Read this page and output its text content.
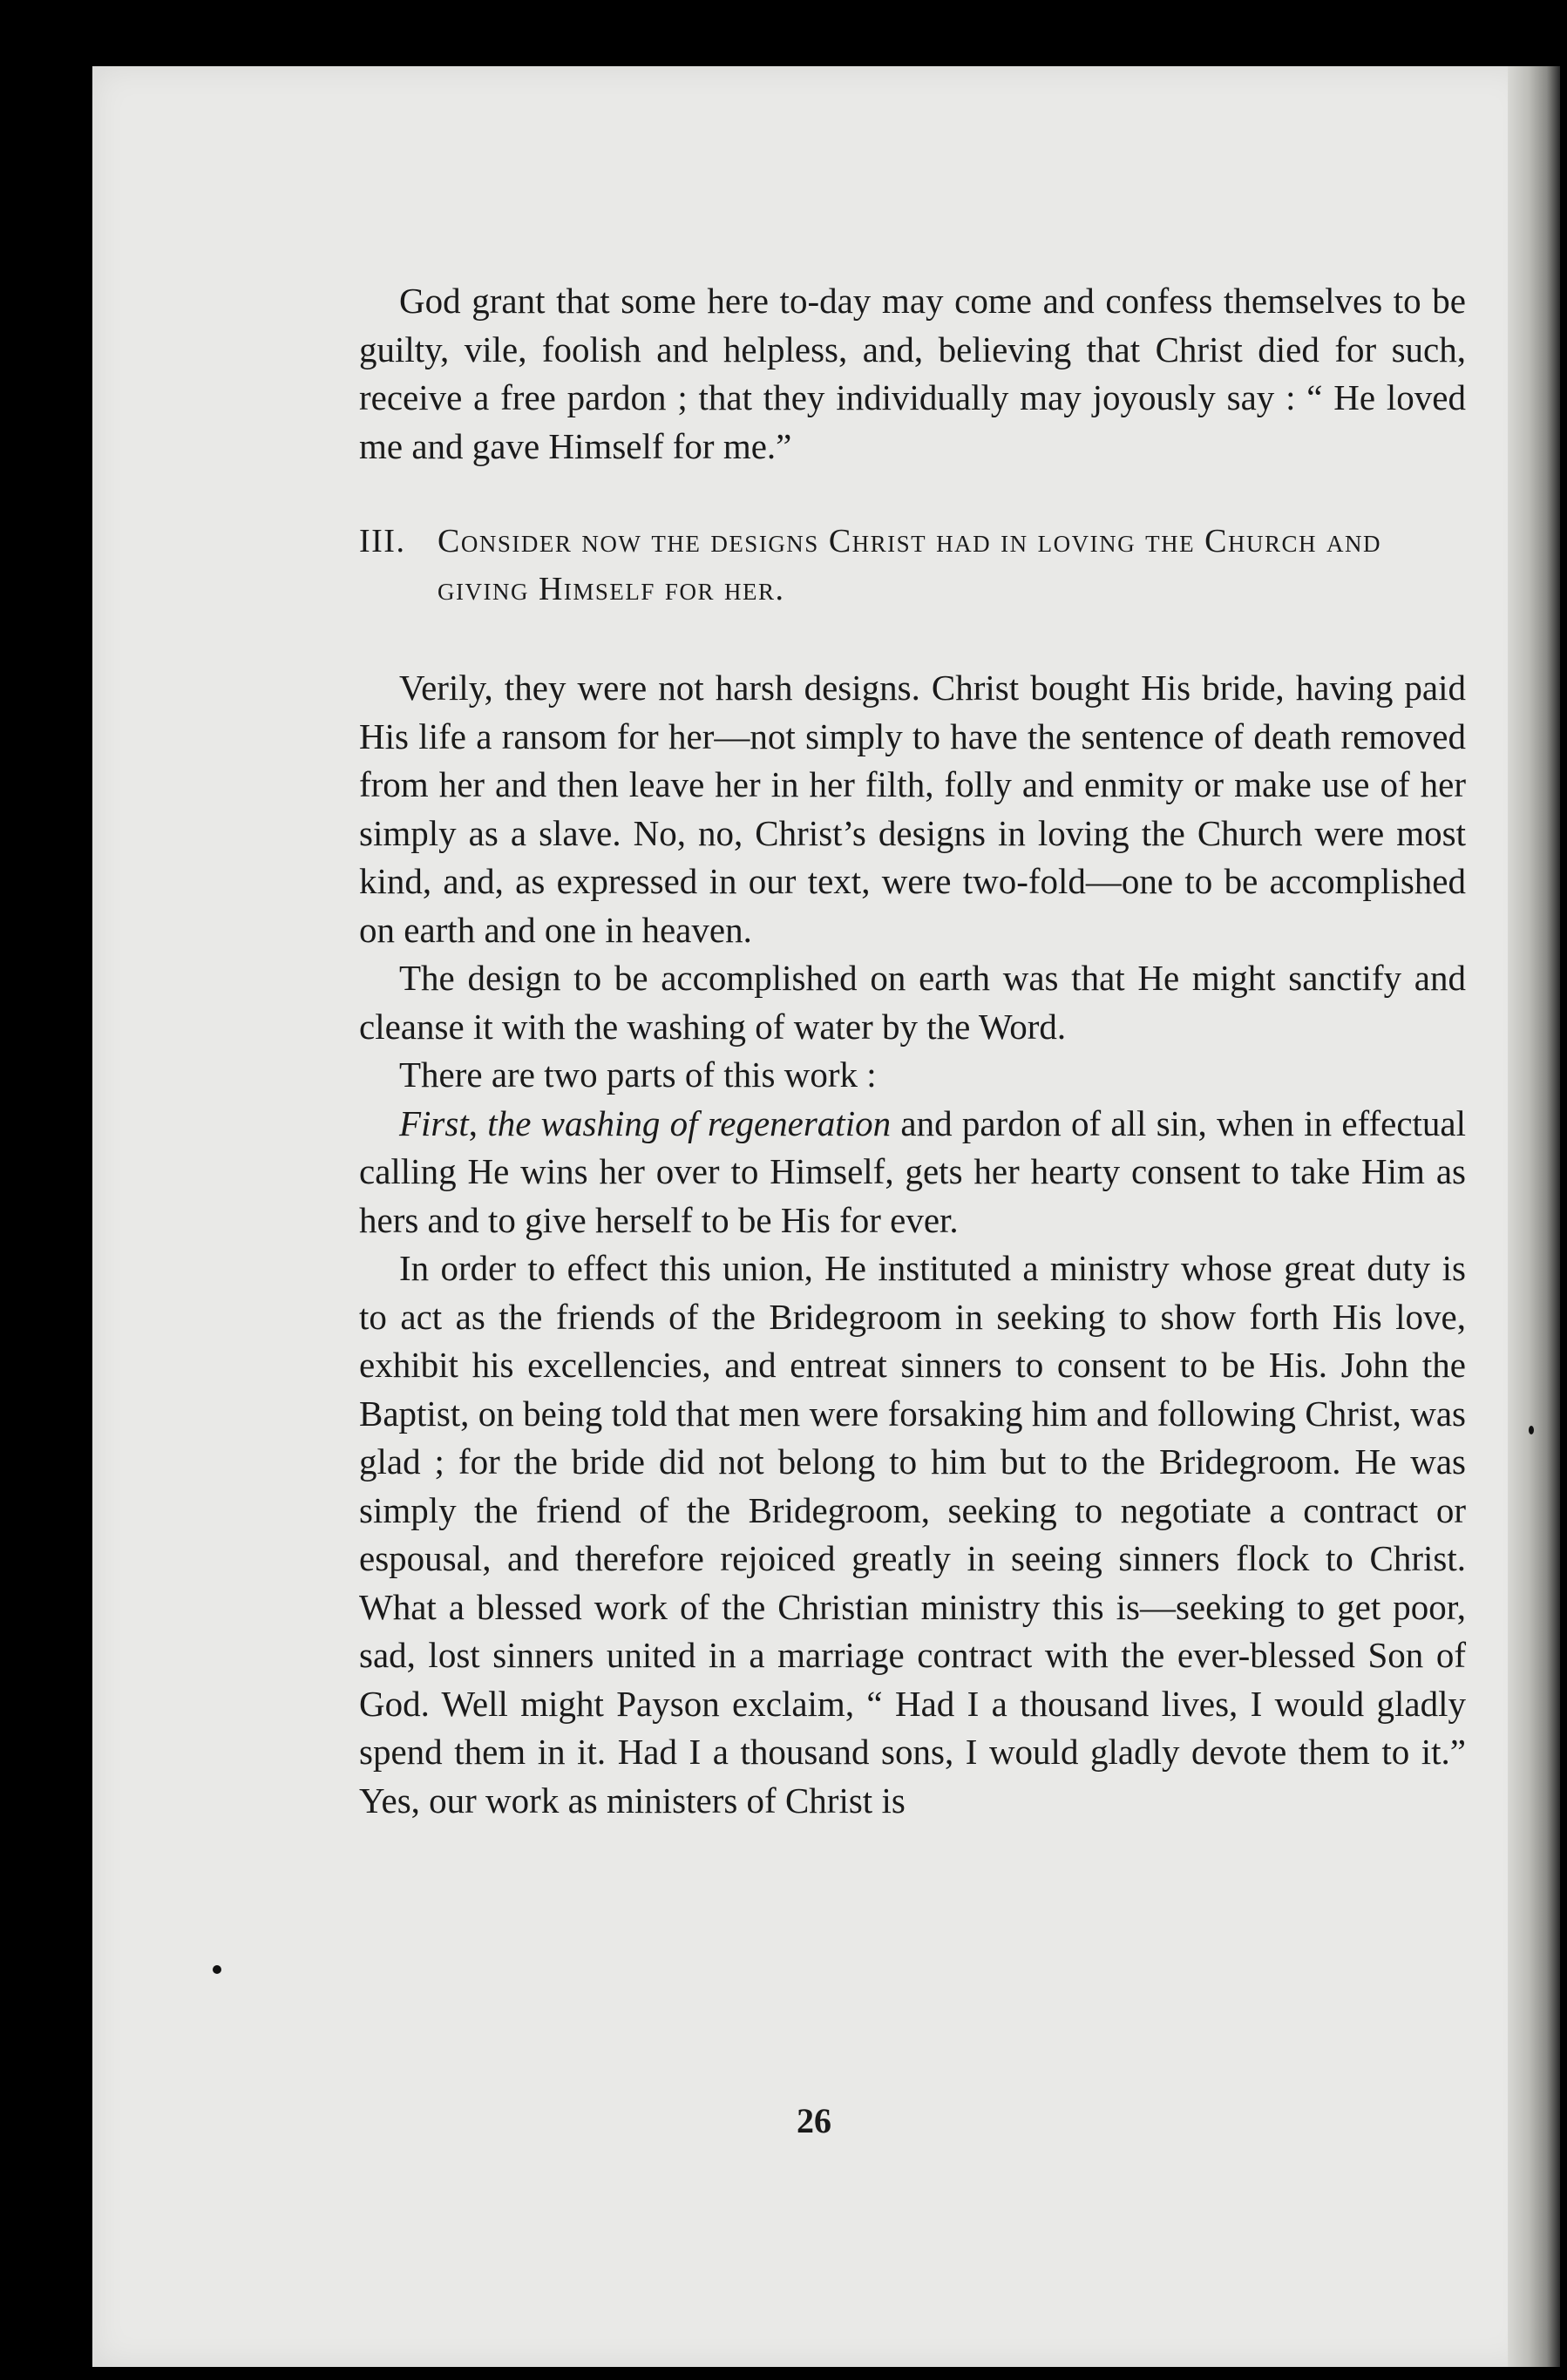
God grant that some here to-day may come and confess themselves to be guilty, vile, foolish and helpless, and, believing that Christ died for such, receive a free pardon ; that they individually may joyously say : “ He loved me and gave Himself for me.”

III. Consider now the designs Christ had in loving the Church and giving Himself for her.

Verily, they were not harsh designs. Christ bought His bride, having paid His life a ransom for her—not simply to have the sentence of death removed from her and then leave her in her filth, folly and enmity or make use of her simply as a slave. No, no, Christ’s designs in loving the Church were most kind, and, as expressed in our text, were two-fold—one to be accomplished on earth and one in heaven.

The design to be accomplished on earth was that He might sanctify and cleanse it with the washing of water by the Word.

There are two parts of this work :

First, the washing of regeneration and pardon of all sin, when in effectual calling He wins her over to Himself, gets her hearty consent to take Him as hers and to give herself to be His for ever.

In order to effect this union, He instituted a ministry whose great duty is to act as the friends of the Bridegroom in seeking to show forth His love, exhibit his excellencies, and entreat sinners to consent to be His. John the Baptist, on being told that men were forsaking him and following Christ, was glad ; for the bride did not belong to him but to the Bridegroom. He was simply the friend of the Bridegroom, seeking to negotiate a contract or espousal, and therefore rejoiced greatly in seeing sinners flock to Christ. What a blessed work of the Christian ministry this is—seeking to get poor, sad, lost sinners united in a marriage contract with the ever-blessed Son of God. Well might Payson exclaim, “ Had I a thousand lives, I would gladly spend them in it. Had I a thousand sons, I would gladly devote them to it.” Yes, our work as ministers of Christ is

26
